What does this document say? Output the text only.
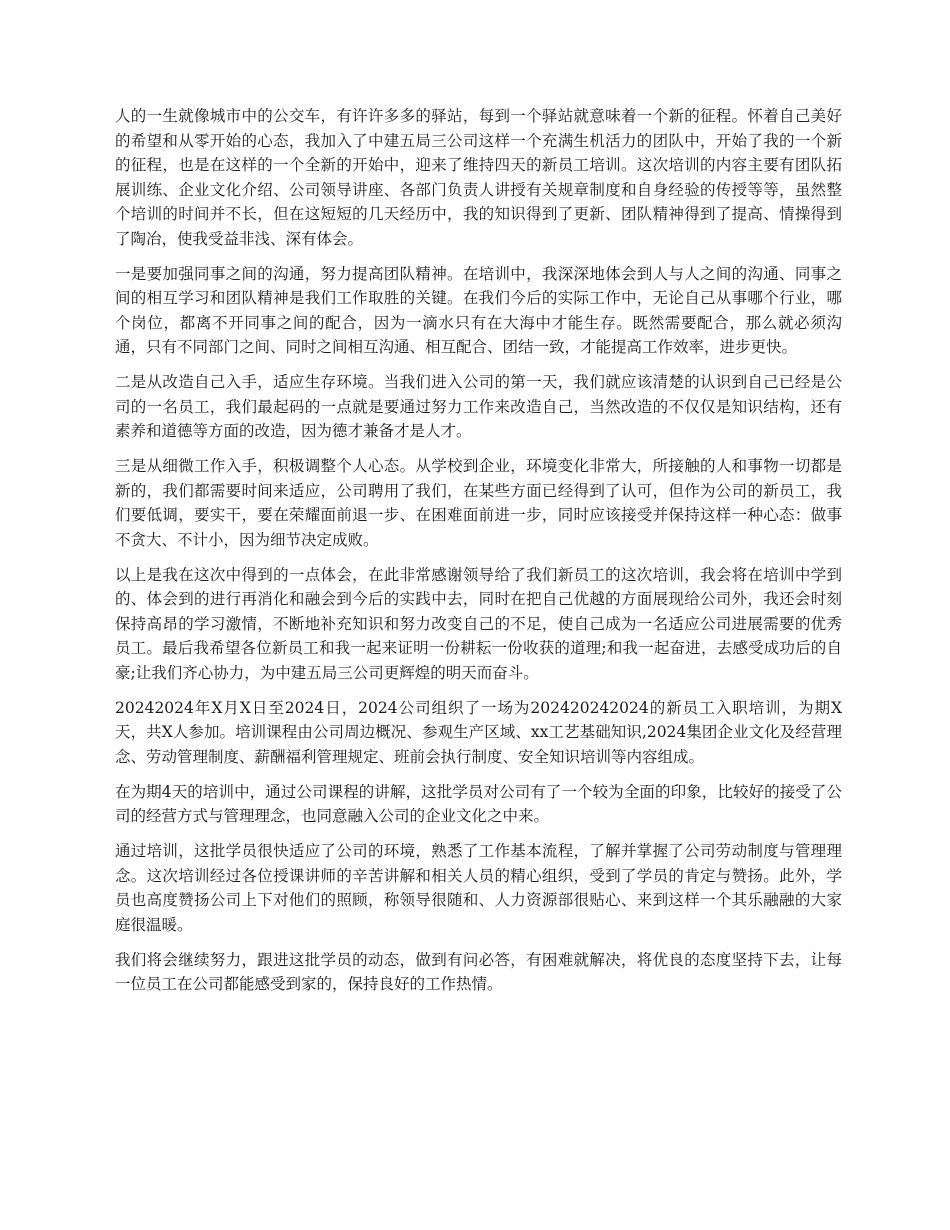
人的一生就像城市中的公交车，有许许多多的驿站，每到一个驿站就意味着一个新的征程。怀着自己美好的希望和从零开始的心态，我加入了中建五局三公司这样一个充满生机活力的团队中，开始了我的一个新的征程，也是在这样的一个全新的开始中，迎来了维持四天的新员工培训。这次培训的内容主要有团队拓展训练、企业文化介绍、公司领导讲座、各部门负责人讲授有关规章制度和自身经验的传授等等，虽然整个培训的时间并不长，但在这短短的几天经历中，我的知识得到了更新、团队精神得到了提高、情操得到了陶冶，使我受益非浅、深有体会。

一是要加强同事之间的沟通，努力提高团队精神。在培训中，我深深地体会到人与人之间的沟通、同事之间的相互学习和团队精神是我们工作取胜的关键。在我们今后的实际工作中，无论自己从事哪个行业，哪个岗位，都离不开同事之间的配合，因为一滴水只有在大海中才能生存。既然需要配合，那么就必须沟通，只有不同部门之间、同时之间相互沟通、相互配合、团结一致，才能提高工作效率，进步更快。

二是从改造自己入手，适应生存环境。当我们进入公司的第一天，我们就应该清楚的认识到自己已经是公司的一名员工，我们最起码的一点就是要通过努力工作来改造自己，当然改造的不仅仅是知识结构，还有素养和道德等方面的改造，因为德才兼备才是人才。

三是从细微工作入手，积极调整个人心态。从学校到企业，环境变化非常大，所接触的人和事物一切都是新的，我们都需要时间来适应，公司聘用了我们，在某些方面已经得到了认可，但作为公司的新员工，我们要低调，要实干，要在荣耀面前退一步、在困难面前进一步，同时应该接受并保持这样一种心态：做事不贪大、不计小，因为细节决定成败。

以上是我在这次中得到的一点体会，在此非常感谢领导给了我们新员工的这次培训，我会将在培训中学到的、体会到的进行再消化和融会到今后的实践中去，同时在把自己优越的方面展现给公司外，我还会时刻保持高昂的学习激情，不断地补充知识和努力改变自己的不足，使自己成为一名适应公司进展需要的优秀员工。最后我希望各位新员工和我一起来证明一份耕耘一份收获的道理;和我一起奋进，去感受成功后的自豪;让我们齐心协力，为中建五局三公司更辉煌的明天而奋斗。

20242024年X月X日至2024日，2024公司组织了一场为202420242024的新员工入职培训，为期X天，共X人参加。培训课程由公司周边概况、参观生产区域、xx工艺基础知识,2024集团企业文化及经营理念、劳动管理制度、薪酬福利管理规定、班前会执行制度、安全知识培训等内容组成。

在为期4天的培训中，通过公司课程的讲解，这批学员对公司有了一个较为全面的印象，比较好的接受了公司的经营方式与管理理念，也同意融入公司的企业文化之中来。

通过培训，这批学员很快适应了公司的环境，熟悉了工作基本流程，了解并掌握了公司劳动制度与管理理念。这次培训经过各位授课讲师的辛苦讲解和相关人员的精心组织，受到了学员的肯定与赞扬。此外，学员也高度赞扬公司上下对他们的照顾，称领导很随和、人力资源部很贴心、来到这样一个其乐融融的大家庭很温暖。

我们将会继续努力，跟进这批学员的动态，做到有问必答，有困难就解决，将优良的态度坚持下去，让每一位员工在公司都能感受到家的，保持良好的工作热情。
